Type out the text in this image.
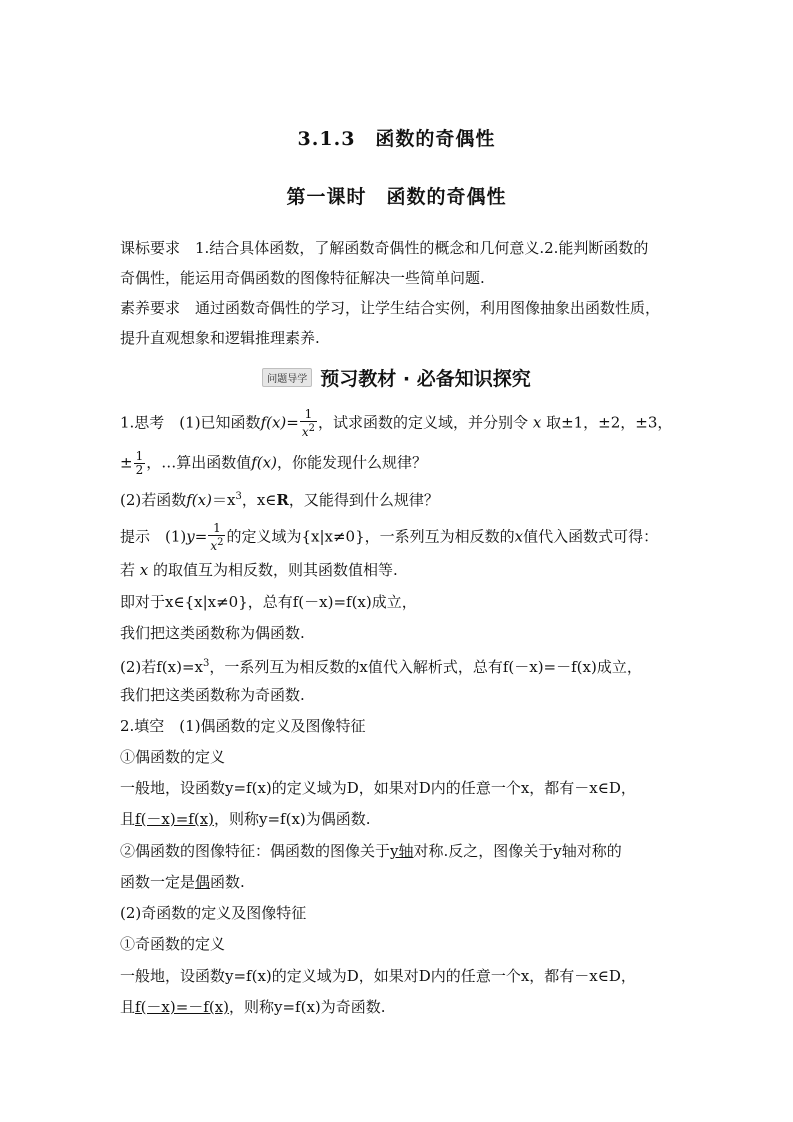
3.1.3　函数的奇偶性
第一课时　函数的奇偶性
课标要求　1.结合具体函数，了解函数奇偶性的概念和几何意义.2.能判断函数的
奇偶性，能运用奇偶函数的图像特征解决一些简单问题.
素养要求　通过函数奇偶性的学习，让学生结合实例，利用图像抽象出函数性质，
提升直观想象和逻辑推理素养.
问题导学 预习教材 · 必备知识探究
1.思考　(1)已知函数$f(x)= \frac{1}{x^2}$ ，试求函数的定义域，并分别令 x 取±1，±2，±3，
± $\frac{1}{2}$ ，…算出函数值f(x)，你能发现什么规律？
(2)若函数$f(x)=x^3$，x∈R，又能得到什么规律？
提示　$(1)y= \frac{1}{x^2}$ 的定义域为{x|x≠0}，一系列互为相反数的x值代入函数式可得：
若 x 的取值互为相反数，则其函数值相等.
即对于x∈{x|x≠0}，总有f(－x)=f(x)成立，
我们把这类函数称为偶函数.
(2)若$f(x)=x^3$，一系列互为相反数的x值代入解析式，总有f(－x)=－f(x)成立，
我们把这类函数称为奇函数.
2.填空　(1)偶函数的定义及图像特征
①偶函数的定义
一般地，设函数y=f(x)的定义域为D，如果对D内的任意一个x，都有－x∈D，
且f(－x)=f(x)，则称y=f(x)为偶函数.
②偶函数的图像特征：偶函数的图像关于y轴对称.反之，图像关于y轴对称的
函数一定是偶函数.
(2)奇函数的定义及图像特征
①奇函数的定义
一般地，设函数y=f(x)的定义域为D，如果对D内的任意一个x，都有－x∈D，
且f(－x)=－f(x)，则称y=f(x)为奇函数.
